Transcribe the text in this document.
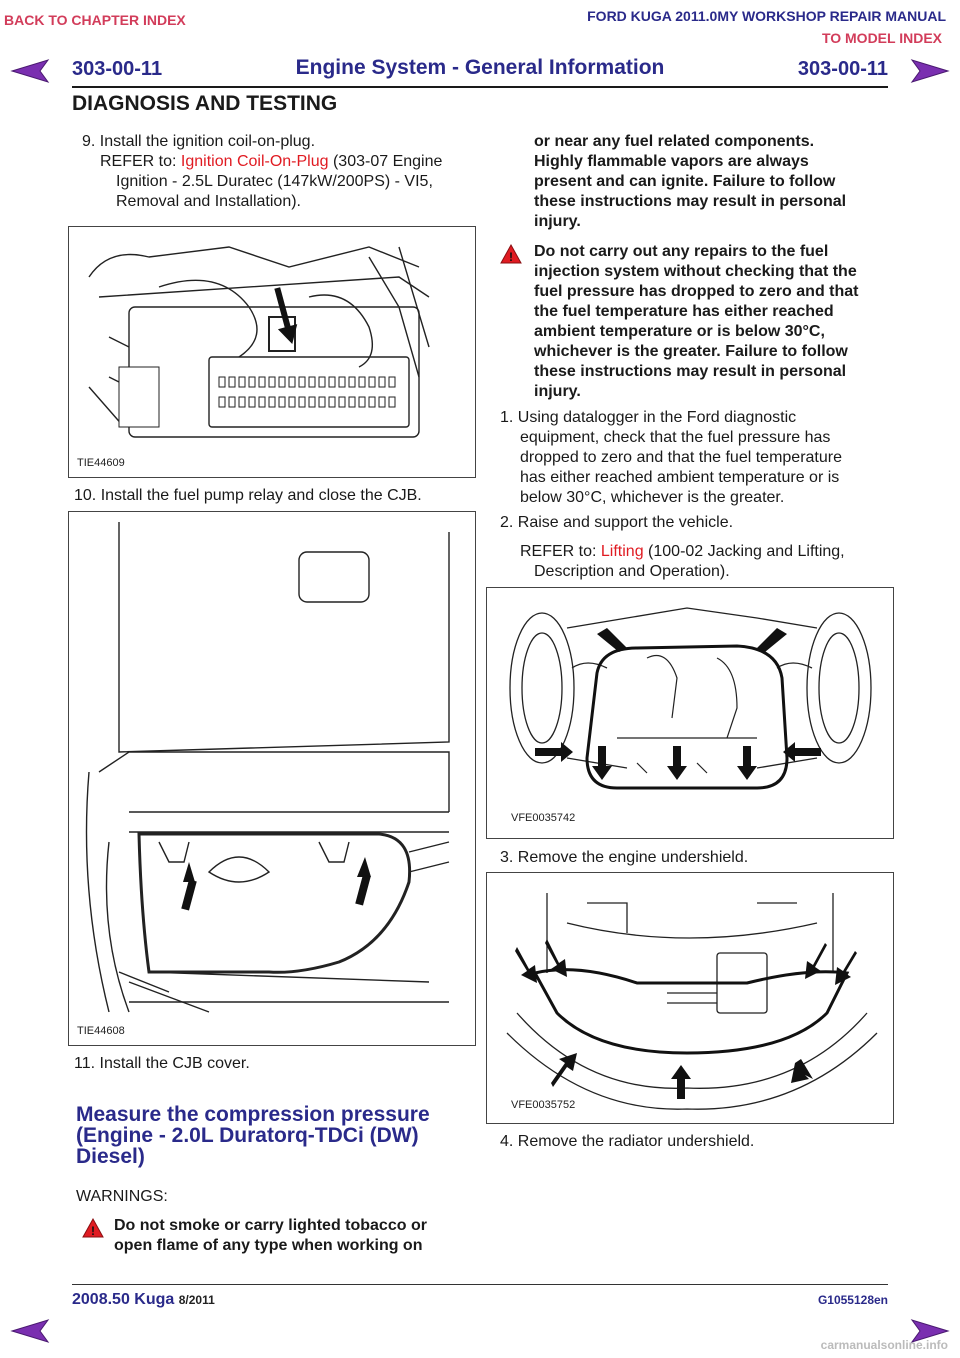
BACK TO CHAPTER INDEX	FORD KUGA 2011.0MY WORKSHOP REPAIR MANUAL
TO MODEL INDEX
303-00-11	Engine System - General Information	303-00-11
DIAGNOSIS AND TESTING
9. Install the ignition coil-on-plug.
REFER to: Ignition Coil-On-Plug (303-07 Engine
Ignition - 2.5L Duratec (147kW/200PS) - VI5,
Removal and Installation).
TIE44609
10. Install the fuel pump relay and close the CJB.
TIE44608
11. Install the CJB cover.
Measure the compression pressure
(Engine - 2.0L Duratorq-TDCi (DW)
Diesel)
WARNINGS:
! Do not smoke or carry lighted tobacco or
open flame of any type when working on
or near any fuel related components.
Highly flammable vapors are always
present and can ignite. Failure to follow
these instructions may result in personal
injury.
! Do not carry out any repairs to the fuel
injection system without checking that the
fuel pressure has dropped to zero and that
the fuel temperature has either reached
ambient temperature or is below 30°C,
whichever is the greater. Failure to follow
these instructions may result in personal
injury.
1. Using datalogger in the Ford diagnostic
equipment, check that the fuel pressure has
dropped to zero and that the fuel temperature
has either reached ambient temperature or is
below 30°C, whichever is the greater.
2. Raise and support the vehicle.
REFER to: Lifting (100-02 Jacking and Lifting,
Description and Operation).
VFE0035742
3. Remove the engine undershield.
VFE0035752
4. Remove the radiator undershield.
2008.50 Kuga 8/2011	G1055128en
carmanualsonline.info
